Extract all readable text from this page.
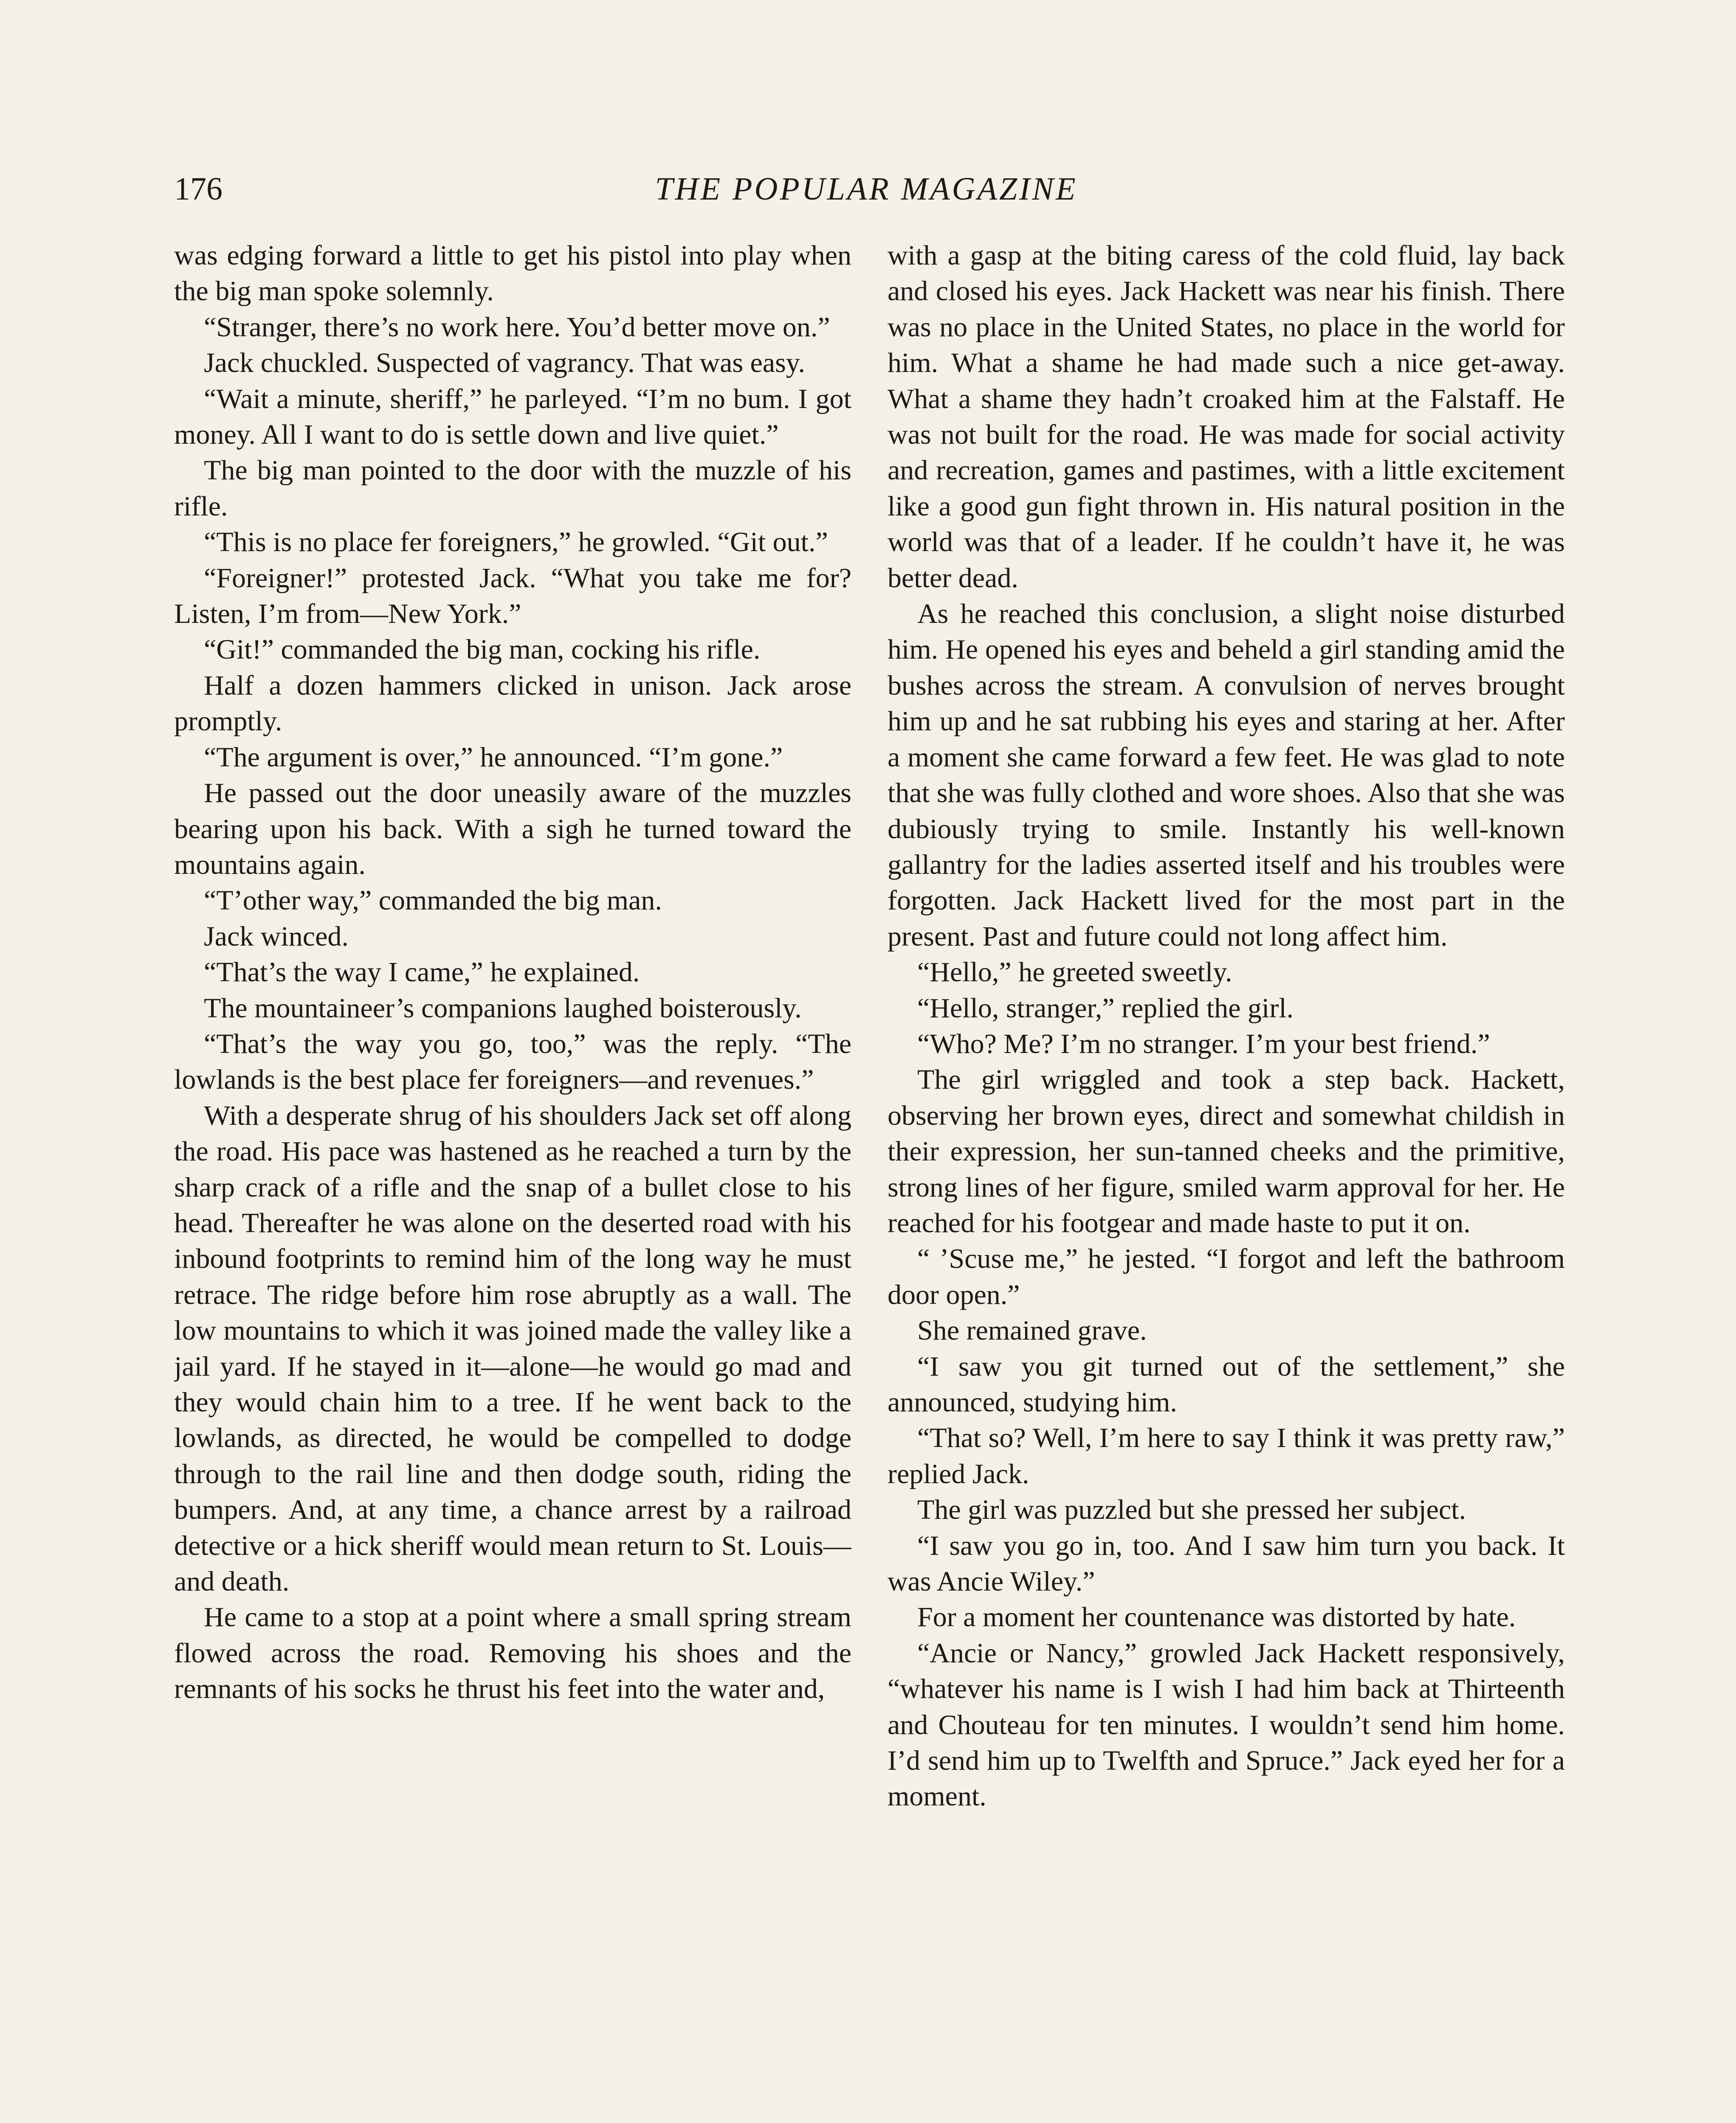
176	THE POPULAR MAGAZINE

was edging forward a little to get his pistol into play when the big man spoke solemnly.

“Stranger, there’s no work here. You’d better move on.”

Jack chuckled. Suspected of vagrancy. That was easy.

“Wait a minute, sheriff,” he parleyed. “I’m no bum. I got money. All I want to do is settle down and live quiet.”

The big man pointed to the door with the muzzle of his rifle.

“This is no place fer foreigners,” he growled. “Git out.”

“Foreigner!” protested Jack. “What you take me for? Listen, I’m from—New York.”

“Git!” commanded the big man, cocking his rifle.

Half a dozen hammers clicked in unison. Jack arose promptly.

“The argument is over,” he announced. “I’m gone.”

He passed out the door uneasily aware of the muzzles bearing upon his back. With a sigh he turned toward the mountains again.

“T’other way,” commanded the big man.

Jack winced.

“That’s the way I came,” he explained.

The mountaineer’s companions laughed boisterously.

“That’s the way you go, too,” was the reply. “The lowlands is the best place fer foreigners—and revenues.”

With a desperate shrug of his shoulders Jack set off along the road. His pace was hastened as he reached a turn by the sharp crack of a rifle and the snap of a bullet close to his head. Thereafter he was alone on the deserted road with his inbound footprints to remind him of the long way he must retrace. The ridge before him rose abruptly as a wall. The low mountains to which it was joined made the valley like a jail yard. If he stayed in it—alone—he would go mad and they would chain him to a tree. If he went back to the lowlands, as directed, he would be compelled to dodge through to the rail line and then dodge south, riding the bumpers. And, at any time, a chance arrest by a railroad detective or a hick sheriff would mean return to St. Louis—and death.

He came to a stop at a point where a small spring stream flowed across the road. Removing his shoes and the remnants of his socks he thrust his feet into the water and,

with a gasp at the biting caress of the cold fluid, lay back and closed his eyes. Jack Hackett was near his finish. There was no place in the United States, no place in the world for him. What a shame he had made such a nice get-away. What a shame they hadn’t croaked him at the Falstaff. He was not built for the road. He was made for social activity and recreation, games and pastimes, with a little excitement like a good gun fight thrown in. His natural position in the world was that of a leader. If he couldn’t have it, he was better dead.

As he reached this conclusion, a slight noise disturbed him. He opened his eyes and beheld a girl standing amid the bushes across the stream. A convulsion of nerves brought him up and he sat rubbing his eyes and staring at her. After a moment she came forward a few feet. He was glad to note that she was fully clothed and wore shoes. Also that she was dubiously trying to smile. Instantly his well-known gallantry for the ladies asserted itself and his troubles were forgotten. Jack Hackett lived for the most part in the present. Past and future could not long affect him.

“Hello,” he greeted sweetly.

“Hello, stranger,” replied the girl.

“Who? Me? I’m no stranger. I’m your best friend.”

The girl wriggled and took a step back. Hackett, observing her brown eyes, direct and somewhat childish in their expression, her sun-tanned cheeks and the primitive, strong lines of her figure, smiled warm approval for her. He reached for his footgear and made haste to put it on.

“ ’Scuse me,” he jested. “I forgot and left the bathroom door open.”

She remained grave.

“I saw you git turned out of the settlement,” she announced, studying him.

“That so? Well, I’m here to say I think it was pretty raw,” replied Jack.

The girl was puzzled but she pressed her subject.

“I saw you go in, too. And I saw him turn you back. It was Ancie Wiley.”

For a moment her countenance was distorted by hate.

“Ancie or Nancy,” growled Jack Hackett responsively, “whatever his name is I wish I had him back at Thirteenth and Chouteau for ten minutes. I wouldn’t send him home. I’d send him up to Twelfth and Spruce.” Jack eyed her for a moment.
